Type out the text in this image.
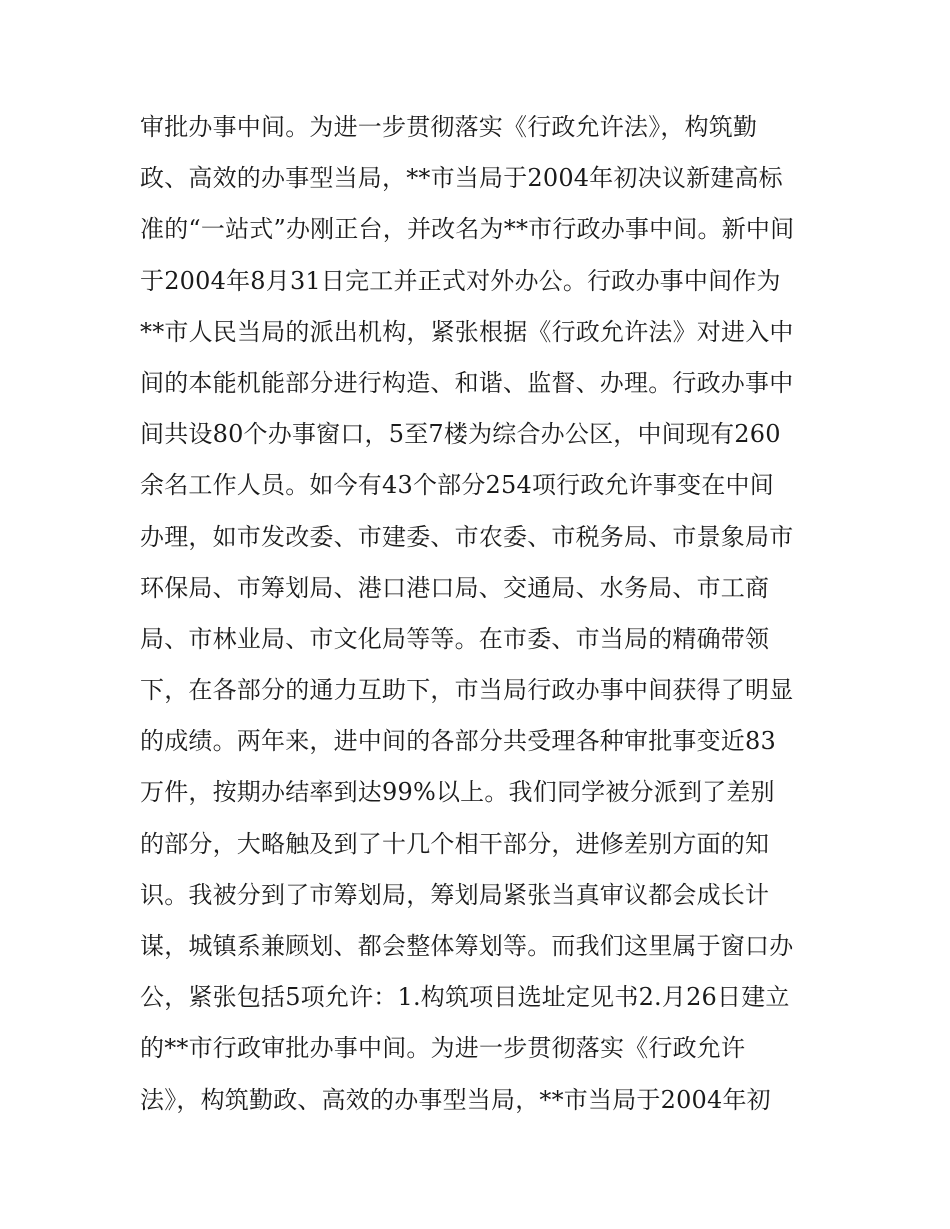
审批办事中间。为进一步贯彻落实《行政允许法》，构筑勤
政、高效的办事型当局，**市当局于2004年初决议新建高标
准的“一站式”办刚正台，并改名为**市行政办事中间。新中间
于2004年8月31日完工并正式对外办公。行政办事中间作为
**市人民当局的派出机构，紧张根据《行政允许法》对进入中
间的本能机能部分进行构造、和谐、监督、办理。行政办事中
间共设80个办事窗口，5至7楼为综合办公区，中间现有260
余名工作人员。如今有43个部分254项行政允许事变在中间
办理，如市发改委、市建委、市农委、市税务局、市景象局市
环保局、市筹划局、港口港口局、交通局、水务局、市工商
局、市林业局、市文化局等等。在市委、市当局的精确带领
下，在各部分的通力互助下，市当局行政办事中间获得了明显
的成绩。两年来，进中间的各部分共受理各种审批事变近83
万件，按期办结率到达99%以上。我们同学被分派到了差别
的部分，大略触及到了十几个相干部分，进修差别方面的知
识。我被分到了市筹划局，筹划局紧张当真审议都会成长计
谋，城镇系兼顾划、都会整体筹划等。而我们这里属于窗口办
公，紧张包括5项允许：1.构筑项目选址定见书2.月26日建立
的**市行政审批办事中间。为进一步贯彻落实《行政允许
法》，构筑勤政、高效的办事型当局，**市当局于2004年初
